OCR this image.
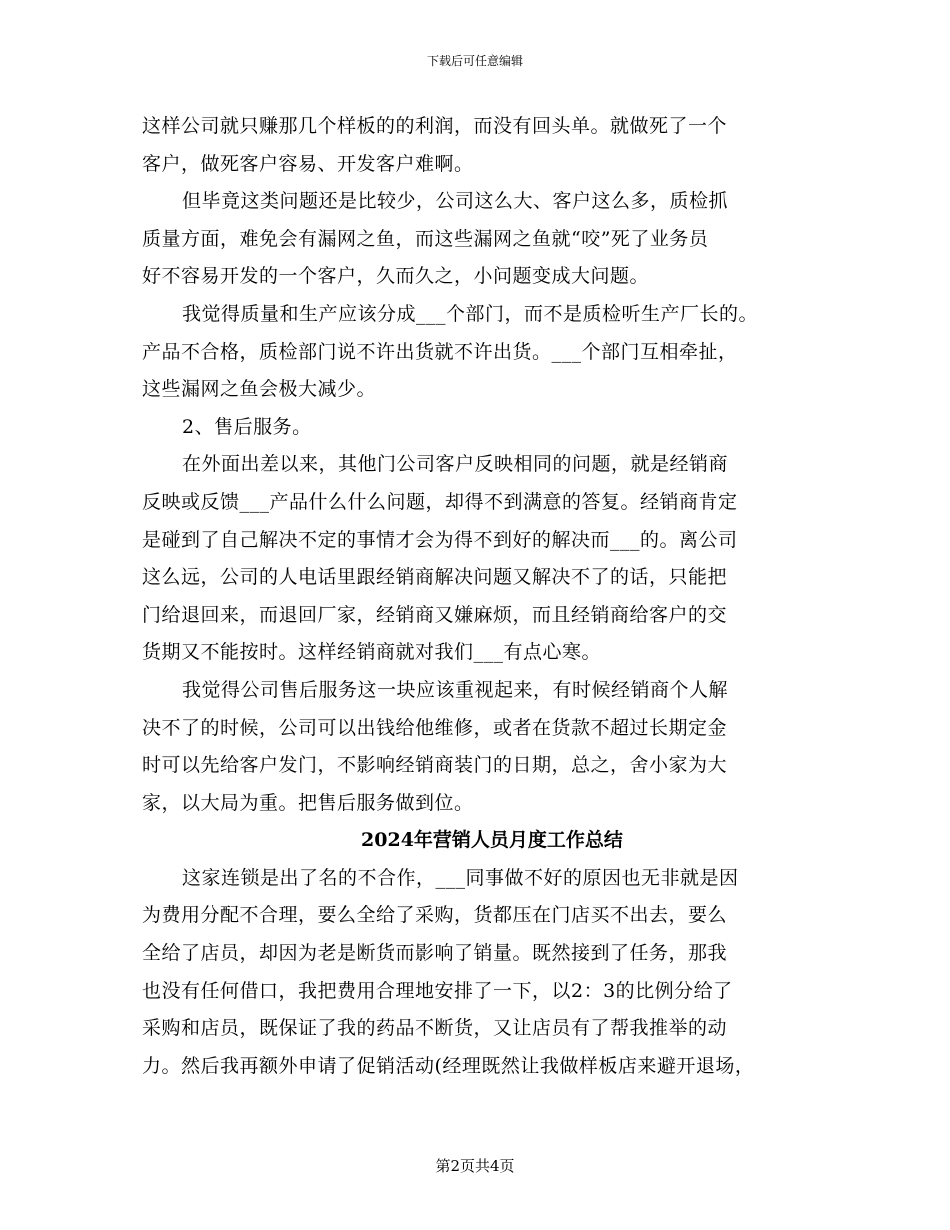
下载后可任意编辑
这样公司就只赚那几个样板的的利润，而没有回头单。就做死了一个
客户，做死客户容易、开发客户难啊。
但毕竟这类问题还是比较少，公司这么大、客户这么多，质检抓
质量方面，难免会有漏网之鱼，而这些漏网之鱼就“咬”死了业务员
好不容易开发的一个客户，久而久之，小问题变成大问题。
我觉得质量和生产应该分成___个部门，而不是质检听生产厂长的。
产品不合格，质检部门说不许出货就不许出货。___个部门互相牵扯，
这些漏网之鱼会极大减少。
2、售后服务。
在外面出差以来，其他门公司客户反映相同的问题，就是经销商
反映或反馈___产品什么什么问题，却得不到满意的答复。经销商肯定
是碰到了自己解决不定的事情才会为得不到好的解决而___的。离公司
这么远，公司的人电话里跟经销商解决问题又解决不了的话，只能把
门给退回来，而退回厂家，经销商又嫌麻烦，而且经销商给客户的交
货期又不能按时。这样经销商就对我们___有点心寒。
我觉得公司售后服务这一块应该重视起来，有时候经销商个人解
决不了的时候，公司可以出钱给他维修，或者在货款不超过长期定金
时可以先给客户发门，不影响经销商装门的日期，总之，舍小家为大
家，以大局为重。把售后服务做到位。
2024年营销人员月度工作总结
这家连锁是出了名的不合作，___同事做不好的原因也无非就是因
为费用分配不合理，要么全给了采购，货都压在门店买不出去，要么
全给了店员，却因为老是断货而影响了销量。既然接到了任务，那我
也没有任何借口，我把费用合理地安排了一下，以2：3的比例分给了
采购和店员，既保证了我的药品不断货，又让店员有了帮我推举的动
力。然后我再额外申请了促销活动(经理既然让我做样板店来避开退场，
第2页共4页
